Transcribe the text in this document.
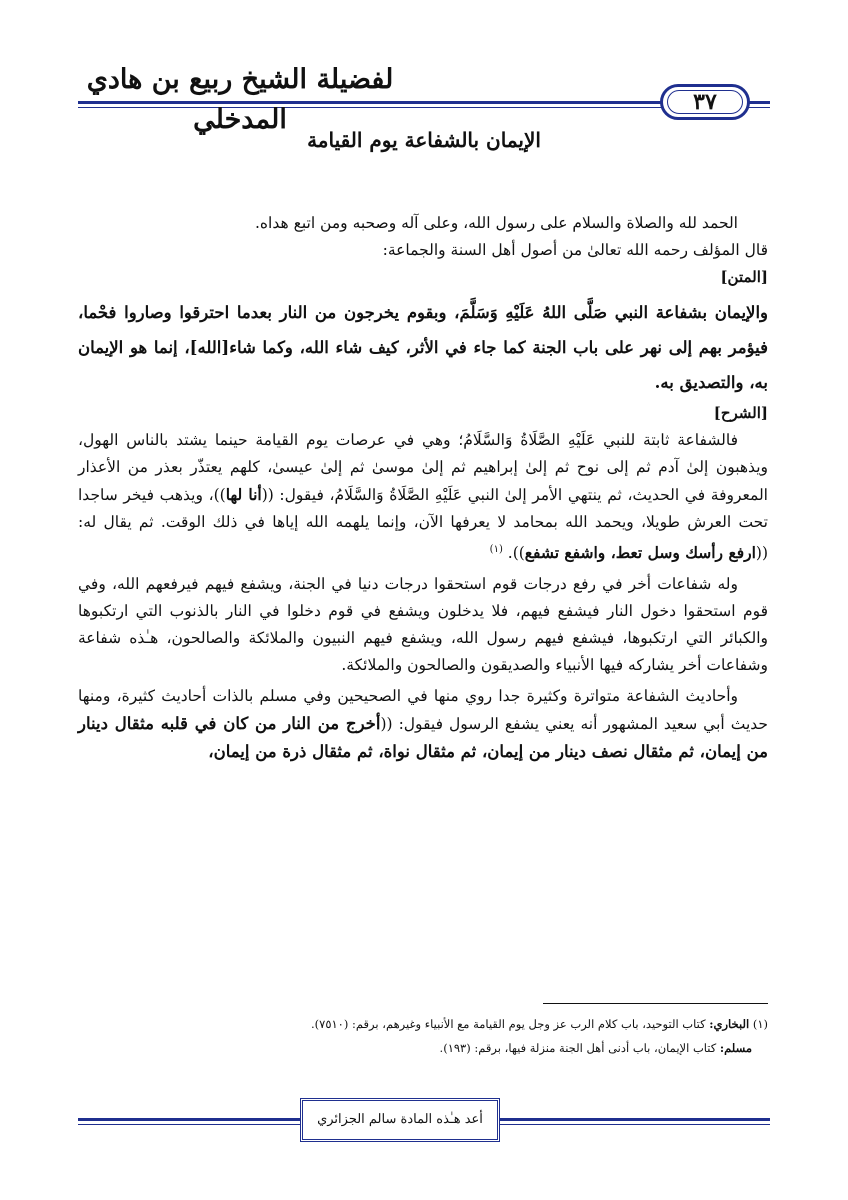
لفضيلة الشيخ ربيع بن هادي المدخلي
٣٧
الإيمان بالشفاعة يوم القيامة

الحمد لله والصلاة والسلام على رسول الله، وعلى آله وصحبه ومن اتبع هداه.

قال المؤلف رحمه الله تعالىٰ من أصول أهل السنة والجماعة:

[المتن]

والإيمان بشفاعة النبي صَلَّى اللهُ عَلَيْهِ وَسَلَّمَ، وبقوم يخرجون من النار بعدما احترقوا وصاروا فحْما، فيؤمر بهم إلى نهر على باب الجنة كما جاء في الأثر، كيف شاء الله، وكما شاء[الله]، إنما هو الإيمان به، والتصديق به.

[الشرح]

فالشفاعة ثابتة للنبي عَلَيْهِ الصَّلَاةُ وَالسَّلَامُ؛ وهي في عرصات يوم القيامة حينما يشتد بالناس الهول، ويذهبون إلىٰ آدم ثم إلى نوح ثم إلىٰ إبراهيم ثم إلىٰ موسىٰ ثم إلىٰ عيسىٰ، كلهم يعتذّر بعذر من الأعذار المعروفة في الحديث، ثم ينتهي الأمر إلىٰ النبي عَلَيْهِ الصَّلَاةُ وَالسَّلَامُ، فيقول: ((أنا لها))، ويذهب فيخر ساجدا تحت العرش طويلا، ويحمد الله بمحامد لا يعرفها الآن، وإنما يلهمه الله إياها في ذلك الوقت. ثم يقال له: ((ارفع رأسك وسل تعط، واشفع تشفع)). $^{(١)}$

وله شفاعات أخر في رفع درجات قوم استحقوا درجات دنيا في الجنة، ويشفع فيهم فيرفعهم الله، وفي قوم استحقوا دخول النار فيشفع فيهم، فلا يدخلون ويشفع في قوم دخلوا في النار بالذنوب التي ارتكبوها والكبائر التي ارتكبوها، فيشفع فيهم رسول الله، ويشفع فيهم النبيون والملائكة والصالحون، هـٰذه شفاعة وشفاعات أخر يشاركه فيها الأنبياء والصديقون والصالحون والملائكة.

وأحاديث الشفاعة متواترة وكثيرة جدا روي منها في الصحيحين وفي مسلم بالذات أحاديث كثيرة، ومنها حديث أبي سعيد المشهور أنه يعني يشفع الرسول فيقول: ((أخرج من النار من كان في قلبه مثقال دينار من إيمان، ثم مثقال نصف دينار من إيمان، ثم مثقال نواة، ثم مثقال ذرة من إيمان،

(١) البخاري: كتاب التوحيد، باب كلام الرب عز وجل يوم القيامة مع الأنبياء وغيرهم، برقم: (٧٥١٠).

مسلم: كتاب الإيمان، باب أدنى أهل الجنة منزلة فيها، برقم: (١٩٣).

أعد هـٰذه المادة سالم الجزائري
